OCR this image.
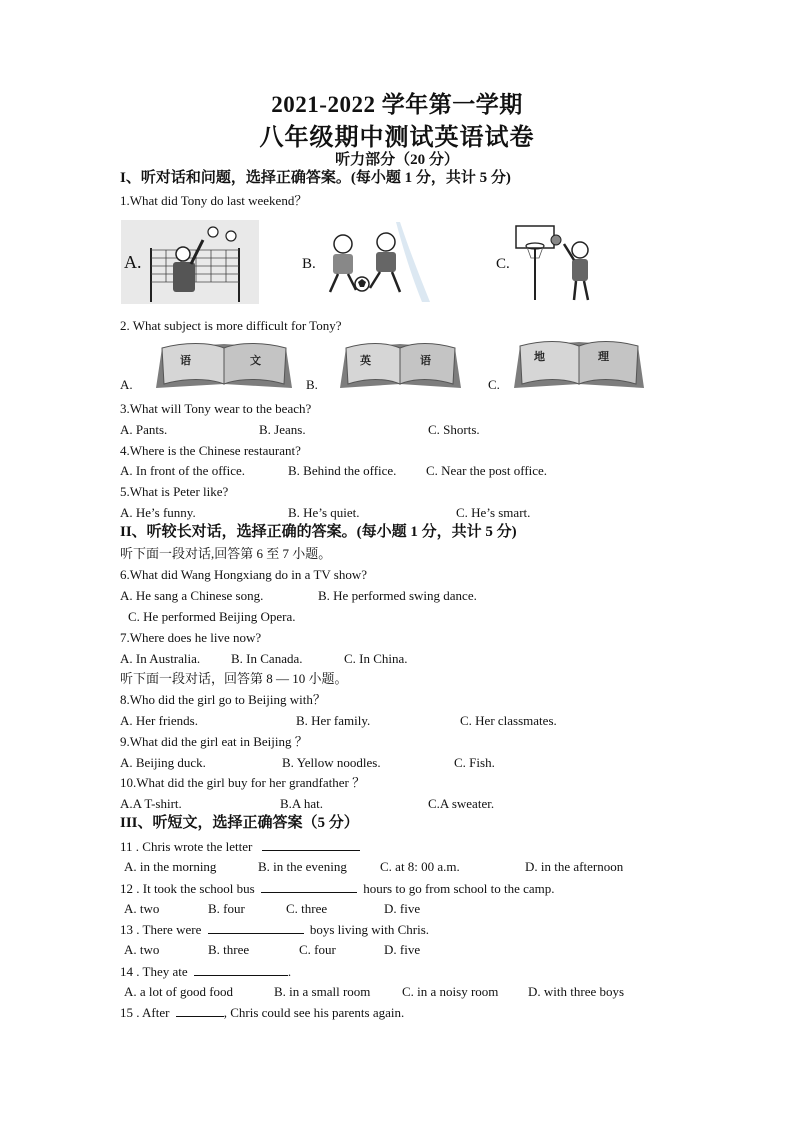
2021-2022 学年第一学期
八年级期中测试英语试卷
听力部分（20 分）
I、听对话和问题，选择正确答案。(每小题 1 分，共计 5 分)
1.What did Tony do last weekend？
A.	B.	C.
2. What subject is more difficult for Tony?
A.
语	文
B.
英	语
C.
地	理
3.What will Tony wear to the beach?
A. Pants.	B. Jeans.	C. Shorts.
4.Where is the Chinese restaurant?
A. In front of the office.	B. Behind the office. C. Near the post office.
5.What is Peter like?
A. He’s funny.	B. He’s quiet.	C. He’s smart.
II、听较长对话，选择正确的答案。(每小题 1 分，共计 5 分)
听下面一段对话,回答第 6 至 7 小题。
6.What did Wang Hongxiang do in a TV show?
A. He sang a Chinese song.	B. He performed swing dance.
C. He performed Beijing Opera.
7.Where does he live now?
A. In Australia. B. In Canada.	C. In China.
听下面一段对话，回答第 8 — 10 小题。
8.Who did the girl go to Beijing with？
A. Her friends.	B. Her family.	C. Her classmates.
9.What did the girl eat in Beijing ？
A. Beijing duck.	B. Yellow noodles.	C. Fish.
10.What did the girl buy for her grandfather ？
A.A T-shirt.	B.A hat.	C.A sweater.
III、听短文，选择正确答案（5 分）
11 . Chris wrote the letter
A. in the morning	B. in the evening	C. at 8: 00 a.m.	D. in the afternoon
12 . It took the school bus	hours to go from school to the camp.
A. two	B. four	C. three	D. five
13 . There were	boys living with Chris.
A. two	B. three	C. four	D. five
14 . They ate	.
A. a lot of good food	B. in a small room C. in a noisy room D. with three boys
15 . After	, Chris could see his parents again.
